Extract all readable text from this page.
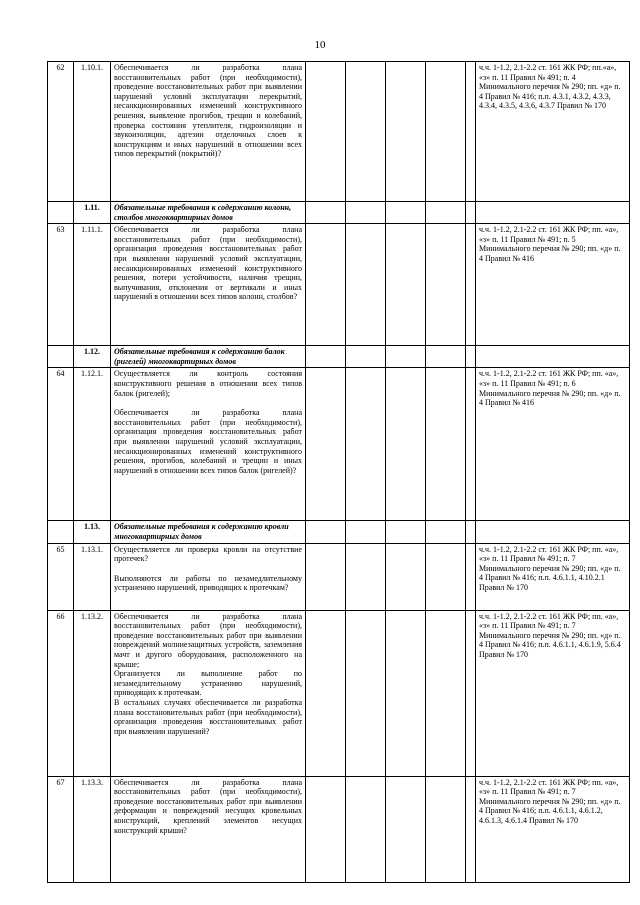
10
62	1.10.1.	Обеспечивается ли разработка плана восстановительных работ (при необходимости), проведение восстановительных работ при выявлении нарушений условий эксплуатации перекрытий, несанкционированных изменений конструктивного решения, выявление прогибов, трещин и колебаний, проверка состояния утеплителя, гидроизоляции и звукоизоляции, адгезии отделочных слоев к конструкциям и иных нарушений в отношении всех типов перекрытий (покрытий)?						ч.ч. 1-1.2, 2.1-2.2 ст. 161 ЖК РФ; пп.«а», «з» п. 11 Правил № 491; п. 4 Минимального перечня № 290; пп. «д» п. 4 Правил № 416; п.п. 4.3.1, 4.3.2, 4.3.3, 4.3.4, 4.3.5, 4.3.6, 4.3.7 Правил № 170
	1.11.	Обязательные требования к содержанию колонн, столбов многоквартирных домов						
63	1.11.1.	Обеспечивается ли разработка плана восстановительных работ (при необходимости), организация проведения восстановительных работ при выявлении нарушений условий эксплуатации, несанкционированных изменений конструктивного решения, потери устойчивости, наличия трещин, выпучивания, отклонения от вертикали и иных нарушений в отношении всех типов колонн, столбов?						ч.ч. 1-1.2, 2.1-2.2 ст. 161 ЖК РФ; пп. «а», «з» п. 11 Правил № 491; п. 5 Минимального перечня № 290; пп. «д» п. 4 Правил № 416
	1.12.	Обязательные требования к содержанию балок (ригелей) многоквартирных домов						
64	1.12.1.	Осуществляется ли контроль состояния конструктивного решения в отношении всех типов балок (ригелей);
Обеспечивается ли разработка плана восстановительных работ (при необходимости), организация проведения восстановительных работ при выявлении нарушений условий эксплуатации, несанкционированных изменений конструктивного решения, прогибов, колебаний и трещин и иных нарушений в отношении всех типов балок (ригелей)?						ч.ч. 1-1.2, 2.1-2.2 ст. 161 ЖК РФ; пп. «а», «з» п. 11 Правил № 491; п. 6 Минимального перечня № 290; пп. «д» п. 4 Правил № 416
	1.13.	Обязательные требования к содержанию кровли многоквартирных домов						
65	1.13.1.	Осуществляется ли проверка кровли на отсутствие протечек?
Выполняются ли работы по незамедлительному устранению нарушений, приводящих к протечкам?						ч.ч. 1-1.2, 2.1-2.2 ст. 161 ЖК РФ; пп. «а», «з» п. 11 Правил № 491; п. 7 Минимального перечня № 290; пп. «д» п. 4 Правил № 416; п.п. 4.6.1.1, 4.10.2.1 Правил № 170
66	1.13.2.	Обеспечивается ли разработка плана восстановительных работ (при необходимости), проведение восстановительных работ при выявлении повреждений молниезащитных устройств, заземления мачт и другого оборудования, расположенного на крыше;
Организуется ли выполнение работ по незамедлительному устранению нарушений, приводящих к протечкам.
В остальных случаях обеспечивается ли разработка плана восстановительных работ (при необходимости), организация проведения восстановительных работ при выявлении нарушений?						ч.ч. 1-1.2, 2.1-2.2 ст. 161 ЖК РФ; пп. «а», «з» п. 11 Правил № 491; п. 7 Минимального перечня № 290; пп. «д» п. 4 Правил № 416; п.п. 4.6.1.1, 4.6.1.9, 5.6.4 Правил № 170
67	1.13.3.	Обеспечивается ли разработка плана восстановительных работ (при необходимости), проведение восстановительных работ при выявлении деформации и повреждений несущих кровельных конструкций, креплений элементов несущих конструкций крыши?						ч.ч. 1-1.2, 2.1-2.2 ст. 161 ЖК РФ; пп. «а», «з» п. 11 Правил № 491; п. 7 Минимального перечня № 290; пп. «д» п. 4 Правил № 416; п.п. 4.6.1.1, 4.6.1.2, 4.6.1.3, 4.6.1.4 Правил № 170
